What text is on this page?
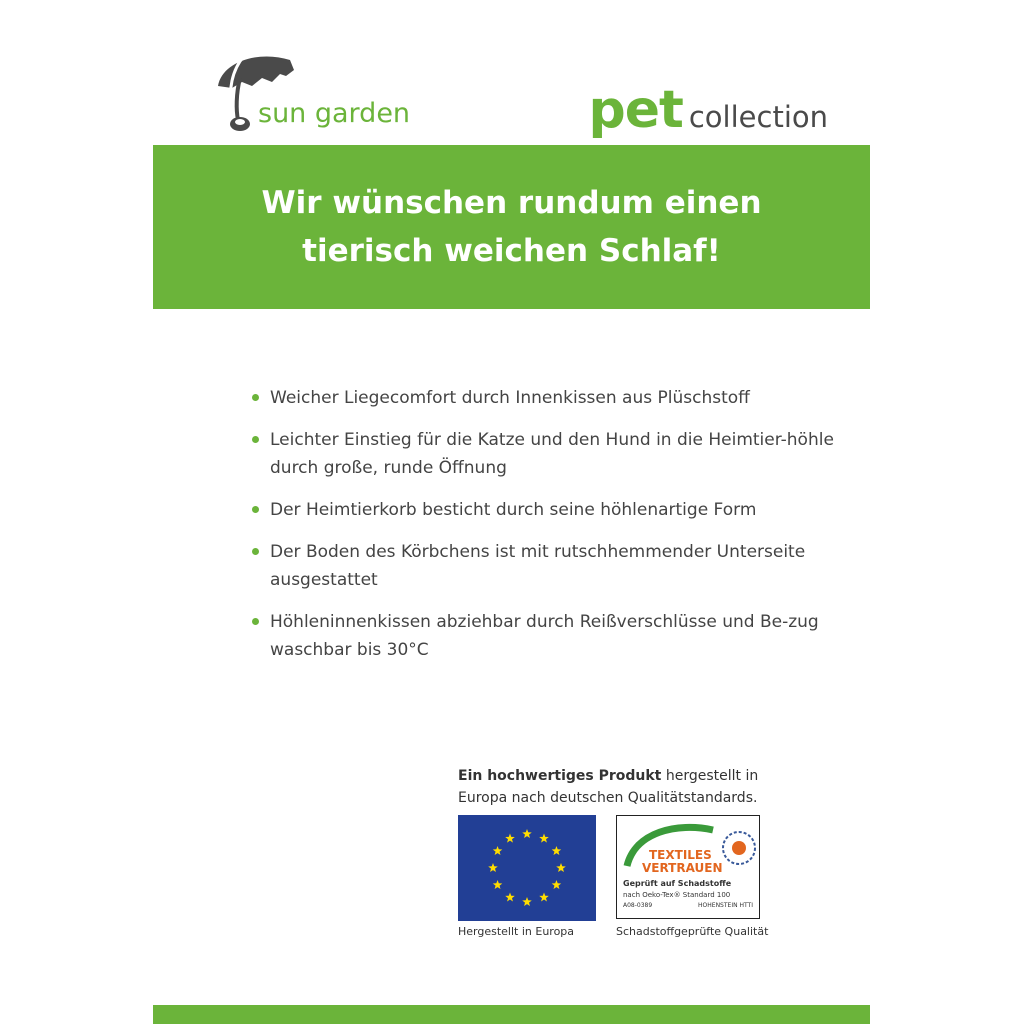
sun garden	pet collection

Wir wünschen rundum einen
tierisch weichen Schlaf!

Weicher Liegecomfort durch Innenkissen aus Plüschstoff
Leichter Einstieg für die Katze und den Hund in die Heimtier-höhle durch große, runde Öffnung
Der Heimtierkorb besticht durch seine höhlenartige Form
Der Boden des Körbchens ist mit rutschhemmender Unterseite ausgestattet
Höhleninnenkissen abziehbar durch Reißverschlüsse und Be-zug waschbar bis 30°C
Ein hochwertiges Produkt hergestellt in Europa nach deutschen Qualitätstandards.
Hergestellt in Europa
TEXTILES
VERTRAUEN
Geprüft auf Schadstoffe
nach Oeko-Tex® Standard 100
A08-0389	HOHENSTEIN HTTI
Schadstoffgeprüfte Qualität
